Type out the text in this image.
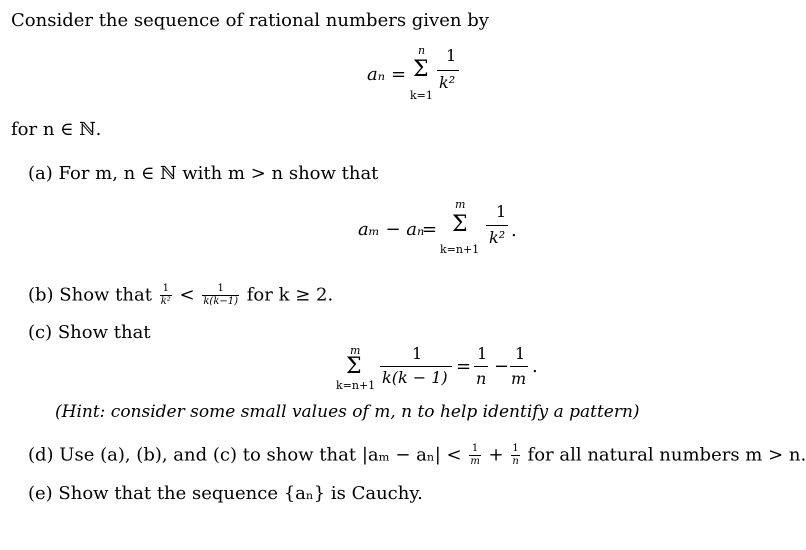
Consider the sequence of rational numbers given by
aₙ =
n
Σ
k=1
1
k²
for n ∈ ℕ.
(a) For m, n ∈ ℕ with m > n show that
aₘ − aₙ
=
m
Σ
k=n+1
1
k² .
(b) Show that $\frac{1}{\text{k²}} < \frac{1}{k(k-1)}$ for k ≥ 2.
(c) Show that
m
Σ
k=n+1
1
k(k − 1)
=
1
n
−
1
m
.
(Hint: consider some small values of m, n to help identify a pattern)
(d) Use (a), (b), and (c) to show that $|a_m - a_n| < \frac{1}{m} + \frac{1}{n}$ for all natural numbers m > n.
(e) Show that the sequence {aₙ} is Cauchy.
